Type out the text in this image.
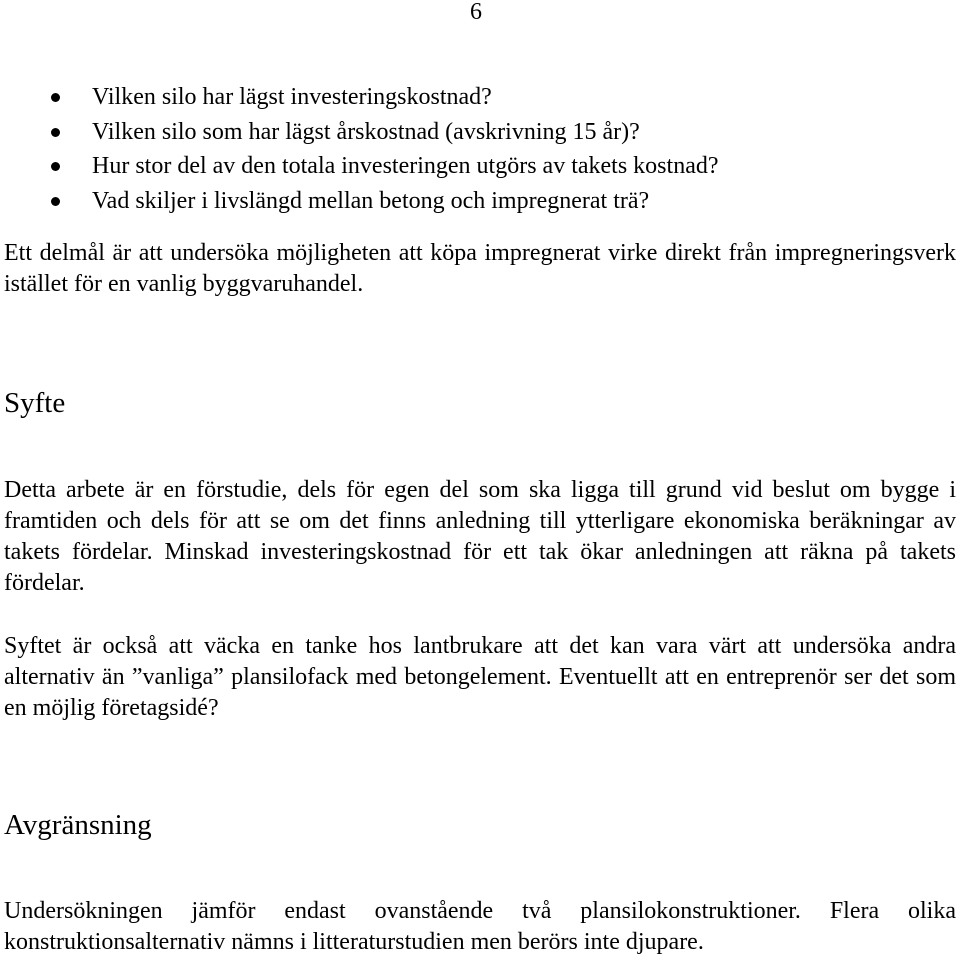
6
Vilken silo har lägst investeringskostnad?
Vilken silo som har lägst årskostnad (avskrivning 15 år)?
Hur stor del av den totala investeringen utgörs av takets kostnad?
Vad skiljer i livslängd mellan betong och impregnerat trä?

Ett delmål är att undersöka möjligheten att köpa impregnerat virke direkt från impregneringsverk istället för en vanlig byggvaruhandel.

Syfte

Detta arbete är en förstudie, dels för egen del som ska ligga till grund vid beslut om bygge i framtiden och dels för att se om det finns anledning till ytterligare ekonomiska beräkningar av takets fördelar. Minskad investeringskostnad för ett tak ökar anledningen att räkna på takets fördelar.

Syftet är också att väcka en tanke hos lantbrukare att det kan vara värt att undersöka andra alternativ än ”vanliga” plansilofack med betongelement. Eventuellt att en entreprenör ser det som en möjlig företagsidé?

Avgränsning

Undersökningen jämför endast ovanstående två plansilokonstruktioner. Flera olika konstruktionsalternativ nämns i litteraturstudien men berörs inte djupare.
